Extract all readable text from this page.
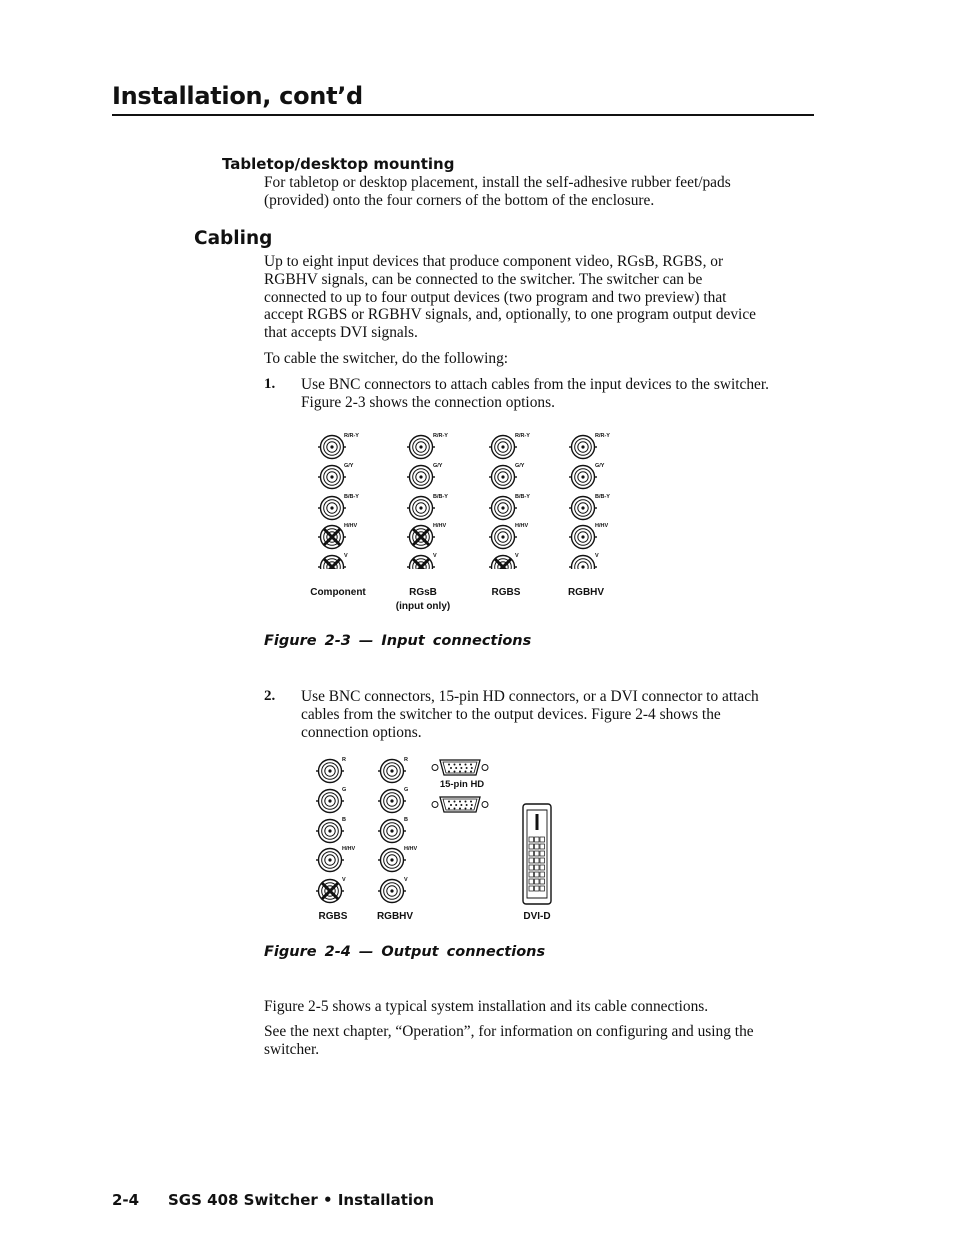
Installation, cont’d
Tabletop/desktop mounting
For tabletop or desktop placement, install the self-adhesive rubber feet/pads
(provided) onto the four corners of the bottom of the enclosure.
Cabling
Up to eight input devices that produce component video, RGsB, RGBS, or
RGBHV signals, can be connected to the switcher. The switcher can be
connected to up to four output devices (two program and two preview) that
accept RGBS or RGBHV signals, and, optionally, to one program output device
that accepts DVI signals.
To cable the switcher, do the following:
1. Use BNC connectors to attach cables from the input devices to the switcher.
Figure 2-3 shows the connection options.
R/R-Y
G/Y
B/B-Y
H/HV
V
R/R-Y
G/Y
B/B-Y
H/HV
V
R/R-Y
G/Y
B/B-Y
H/HV
V
R/R-Y
G/Y
B/B-Y
H/HV
V
Component	RGsB
(input only)
RGBS	RGBHV
Figure 2-3 — Input connections
2. Use BNC connectors, 15-pin HD connectors, or a DVI connector to attach
cables from the switcher to the output devices. Figure 2-4 shows the
connection options.
R
G
B
H/HV
V
R
G
B
H/HV
V
RGBS	RGBHV
15-pin HD
DVI-D
Figure 2-4 — Output connections
Figure 2-5 shows a typical system installation and its cable connections.
See the next chapter, “Operation”, for information on configuring and using the
switcher.
2-4 SGS 408 Switcher • Installation
